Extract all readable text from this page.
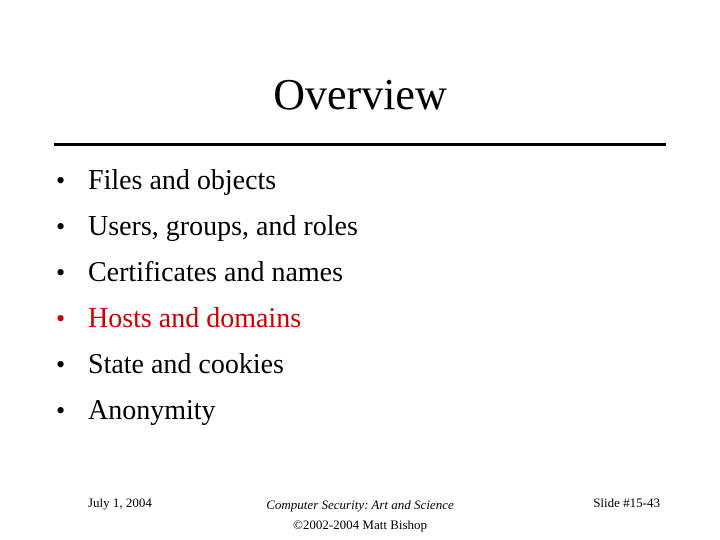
Overview
• Files and objects
• Users, groups, and roles
• Certificates and names
• Hosts and domains
• State and cookies
• Anonymity
July 1, 2004	Computer Security: Art and Science
©2002-2004 Matt Bishop
Slide #15-43
